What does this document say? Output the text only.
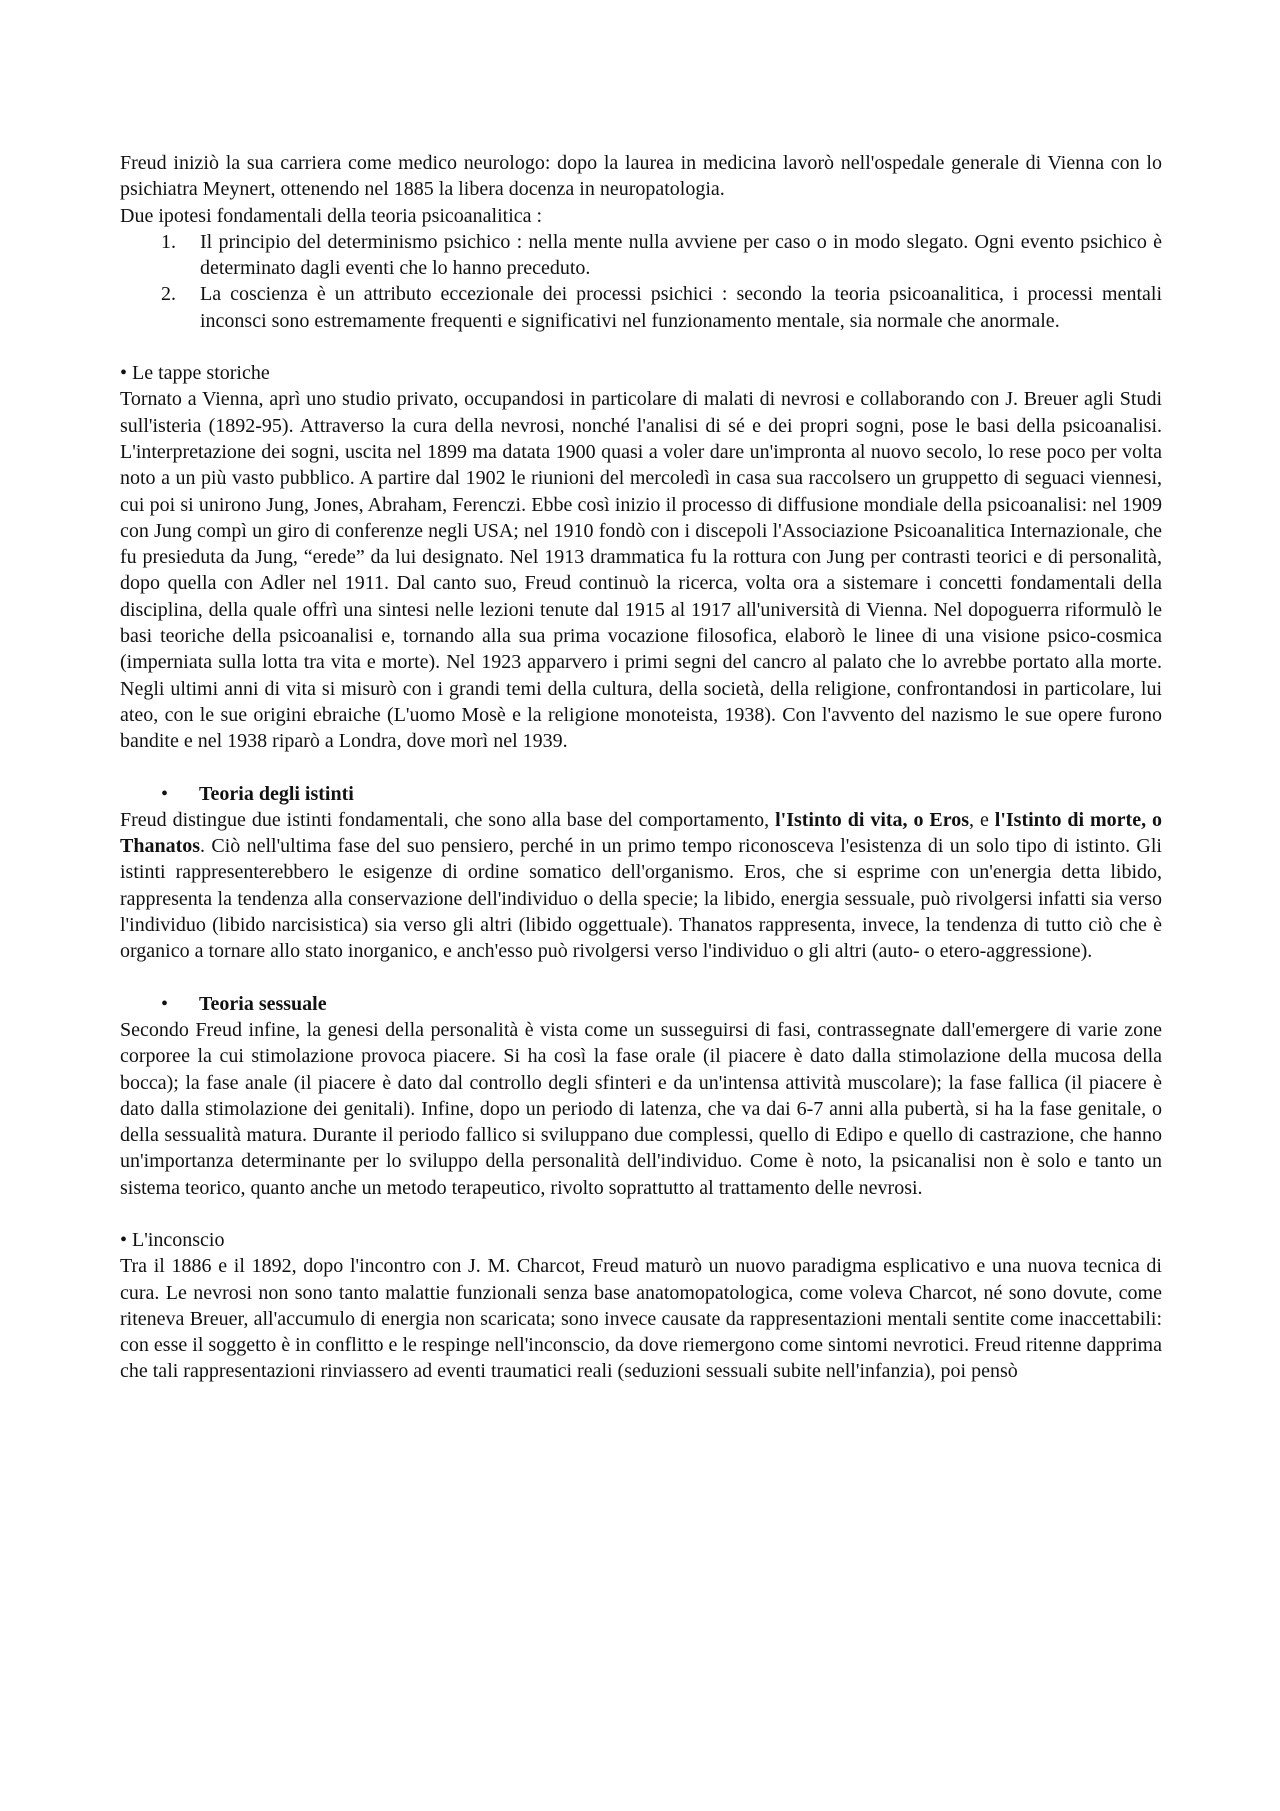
Freud iniziò la sua carriera come medico neurologo: dopo la laurea in medicina lavorò nell'ospedale generale di Vienna con lo psichiatra Meynert, ottenendo nel 1885 la libera docenza in neuropatologia.

Due ipotesi fondamentali della teoria psicoanalitica :

1. Il principio del determinismo psichico : nella mente nulla avviene per caso o in modo slegato. Ogni evento psichico è determinato dagli eventi che lo hanno preceduto.
2. La coscienza è un attributo eccezionale dei processi psichici : secondo la teoria psicoanalitica, i processi mentali inconsci sono estremamente frequenti e significativi nel funzionamento mentale, sia normale che anormale.

• Le tappe storiche

Tornato a Vienna, aprì uno studio privato, occupandosi in particolare di malati di nevrosi e collaborando con J. Breuer agli Studi sull'isteria (1892-95). Attraverso la cura della nevrosi, nonché l'analisi di sé e dei propri sogni, pose le basi della psicoanalisi. L'interpretazione dei sogni, uscita nel 1899 ma datata 1900 quasi a voler dare un'impronta al nuovo secolo, lo rese poco per volta noto a un più vasto pubblico. A partire dal 1902 le riunioni del mercoledì in casa sua raccolsero un gruppetto di seguaci viennesi, cui poi si unirono Jung, Jones, Abraham, Ferenczi. Ebbe così inizio il processo di diffusione mondiale della psicoanalisi: nel 1909 con Jung compì un giro di conferenze negli USA; nel 1910 fondò con i discepoli l'Associazione Psicoanalitica Internazionale, che fu presieduta da Jung, “erede” da lui designato. Nel 1913 drammatica fu la rottura con Jung per contrasti teorici e di personalità, dopo quella con Adler nel 1911. Dal canto suo, Freud continuò la ricerca, volta ora a sistemare i concetti fondamentali della disciplina, della quale offrì una sintesi nelle lezioni tenute dal 1915 al 1917 all'università di Vienna. Nel dopoguerra riformulò le basi teoriche della psicoanalisi e, tornando alla sua prima vocazione filosofica, elaborò le linee di una visione psico-cosmica (imperniata sulla lotta tra vita e morte). Nel 1923 apparvero i primi segni del cancro al palato che lo avrebbe portato alla morte. Negli ultimi anni di vita si misurò con i grandi temi della cultura, della società, della religione, confrontandosi in particolare, lui ateo, con le sue origini ebraiche (L'uomo Mosè e la religione monoteista, 1938). Con l'avvento del nazismo le sue opere furono bandite e nel 1938 riparò a Londra, dove morì nel 1939.

• Teoria degli istinti

Freud distingue due istinti fondamentali, che sono alla base del comportamento, l'Istinto di vita, o Eros, e l'Istinto di morte, o Thanatos. Ciò nell'ultima fase del suo pensiero, perché in un primo tempo riconosceva l'esistenza di un solo tipo di istinto. Gli istinti rappresenterebbero le esigenze di ordine somatico dell'organismo. Eros, che si esprime con un'energia detta libido, rappresenta la tendenza alla conservazione dell'individuo o della specie; la libido, energia sessuale, può rivolgersi infatti sia verso l'individuo (libido narcisistica) sia verso gli altri (libido oggettuale). Thanatos rappresenta, invece, la tendenza di tutto ciò che è organico a tornare allo stato inorganico, e anch'esso può rivolgersi verso l'individuo o gli altri (auto- o etero-aggressione).

• Teoria sessuale

Secondo Freud infine, la genesi della personalità è vista come un susseguirsi di fasi, contrassegnate dall'emergere di varie zone corporee la cui stimolazione provoca piacere. Si ha così la fase orale (il piacere è dato dalla stimolazione della mucosa della bocca); la fase anale (il piacere è dato dal controllo degli sfinteri e da un'intensa attività muscolare); la fase fallica (il piacere è dato dalla stimolazione dei genitali). Infine, dopo un periodo di latenza, che va dai 6-7 anni alla pubertà, si ha la fase genitale, o della sessualità matura. Durante il periodo fallico si sviluppano due complessi, quello di Edipo e quello di castrazione, che hanno un'importanza determinante per lo sviluppo della personalità dell'individuo. Come è noto, la psicanalisi non è solo e tanto un sistema teorico, quanto anche un metodo terapeutico, rivolto soprattutto al trattamento delle nevrosi.

• L'inconscio

Tra il 1886 e il 1892, dopo l'incontro con J. M. Charcot, Freud maturò un nuovo paradigma esplicativo e una nuova tecnica di cura. Le nevrosi non sono tanto malattie funzionali senza base anatomopatologica, come voleva Charcot, né sono dovute, come riteneva Breuer, all'accumulo di energia non scaricata; sono invece causate da rappresentazioni mentali sentite come inaccettabili: con esse il soggetto è in conflitto e le respinge nell'inconscio, da dove riemergono come sintomi nevrotici. Freud ritenne dapprima che tali rappresentazioni rinviassero ad eventi traumatici reali (seduzioni sessuali subite nell'infanzia), poi pensò
